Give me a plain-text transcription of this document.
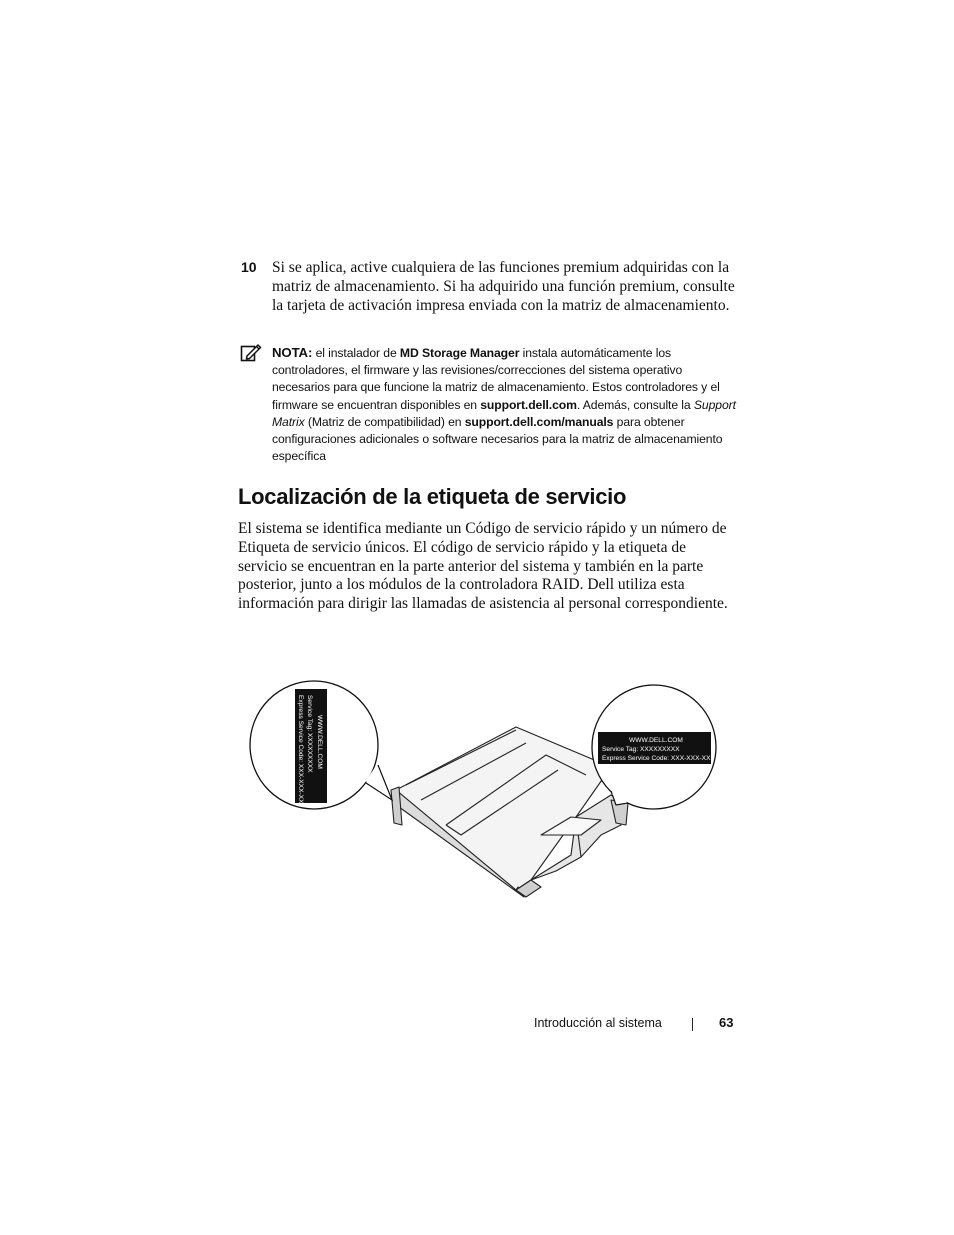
10 Si se aplica, active cualquiera de las funciones premium adquiridas con la matriz de almacenamiento. Si ha adquirido una función premium, consulte la tarjeta de activación impresa enviada con la matriz de almacenamiento.
NOTA: el instalador de MD Storage Manager instala automáticamente los controladores, el firmware y las revisiones/correcciones del sistema operativo necesarios para que funcione la matriz de almacenamiento. Estos controladores y el firmware se encuentran disponibles en support.dell.com. Además, consulte la Support Matrix (Matriz de compatibilidad) en support.dell.com/manuals para obtener configuraciones adicionales o software necesarios para la matriz de almacenamiento específica
Localización de la etiqueta de servicio

El sistema se identifica mediante un Código de servicio rápido y un número de Etiqueta de servicio únicos. El código de servicio rápido y la etiqueta de servicio se encuentran en la parte anterior del sistema y también en la parte posterior, junto a los módulos de la controladora RAID. Dell utiliza esta información para dirigir las llamadas de asistencia al personal correspondiente.

WWW.DELL.COM
Service Tag: XXXXXXXXX
Express Service Code: XXX-XXX-XX	WWW.DELL.COM
Service Tag: XXXXXXXXX
Express Service Code: XXX-XXX-XX
Introducción al sistema	63
